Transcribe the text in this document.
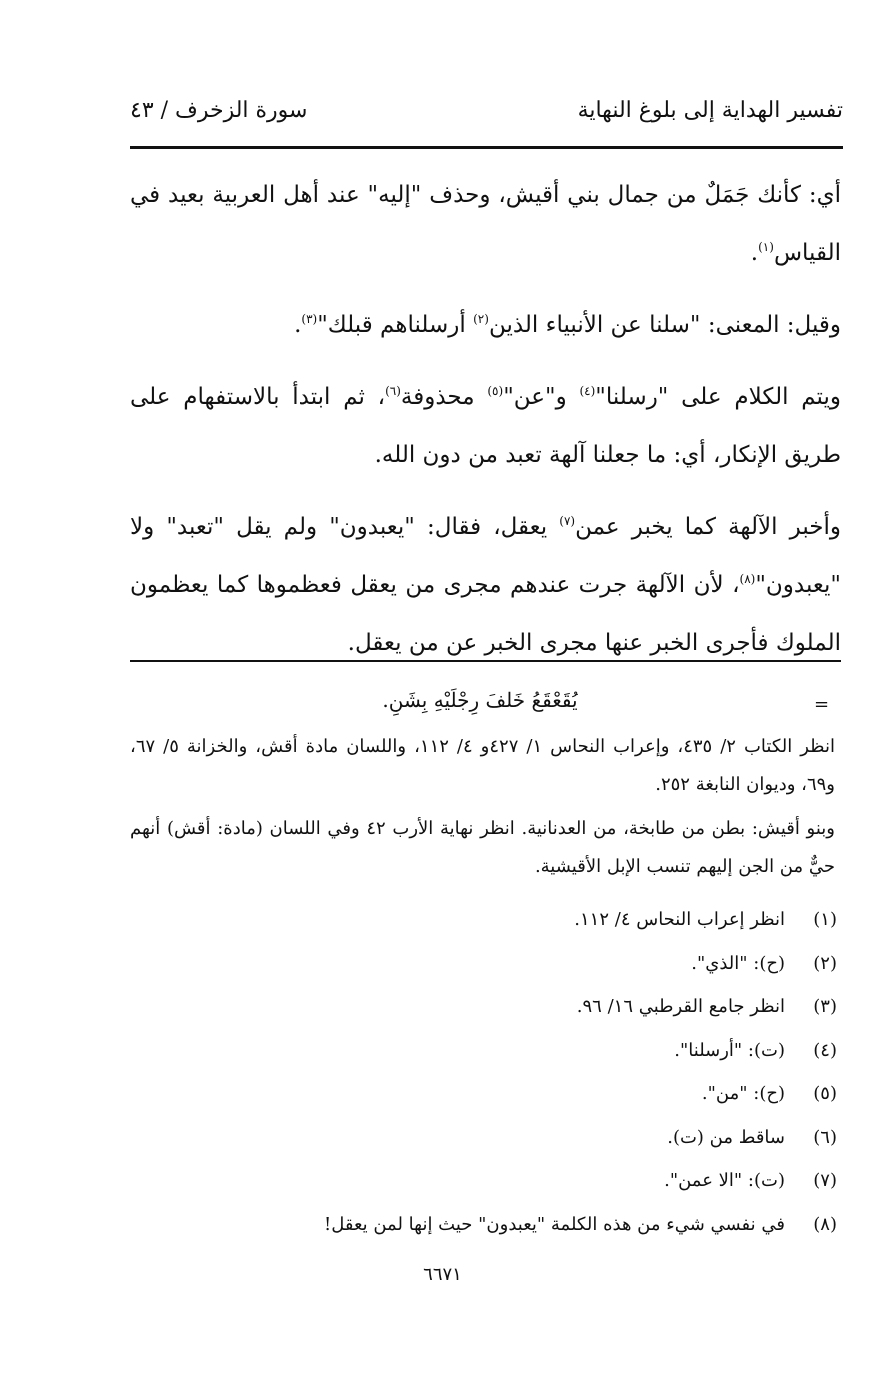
تفسير الهداية إلى بلوغ النهاية
سورة الزخرف / ٤٣

أي: كأنك جَمَلٌ من جمال بني أقيش، وحذف "إليه" عند أهل العربية بعيد في القياس$^{(١)}$.

وقيل: المعنى: "سلنا عن الأنبياء الذين$^{(٢)}$ أرسلناهم قبلك"$^{(٣)}$.

ويتم الكلام على "رسلنا"$^{(٤)}$ و"عن"$^{(٥)}$ محذوفة$^{(٦)}$، ثم ابتدأ بالاستفهام على طريق الإنكار، أي: ما جعلنا آلهة تعبد من دون الله.

وأخبر الآلهة كما يخبر عمن$^{(٧)}$ يعقل، فقال: "يعبدون" ولم يقل "تعبد" ولا "يعبدون"$^{(٨)}$، لأن الآلهة جرت عندهم مجرى من يعقل فعظموها كما يعظمون الملوك فأجرى الخبر عنها مجرى الخبر عن من يعقل.

=
يُقَعْقَعُ خَلفَ رِجْلَيْهِ بِشَنِ.

انظر الكتاب ٢/ ٤٣٥، وإعراب النحاس ١/ ٤٢٧و ٤/ ١١٢، واللسان مادة أقش، والخزانة ٥/ ٦٧، و٦٩، وديوان النابغة ٢٥٢.

وبنو أقيش: بطن من طابخة، من العدنانية. انظر نهاية الأرب ٤٢ وفي اللسان (مادة: أقش) أنهم حيٌّ من الجن إليهم تنسب الإبل الأقيشية.

(١)
انظر إعراب النحاس ٤/ ١١٢.
(٢)
(ح): "الذي".
(٣)
انظر جامع القرطبي ١٦/ ٩٦.
(٤)
(ت): "أرسلنا".
(٥)
(ح): "من".
(٦)
ساقط من (ت).
(٧)
(ت): "الا عمن".
(٨)
في نفسي شيء من هذه الكلمة "يعبدون" حيث إنها لمن يعقل!
٦٦٧١
